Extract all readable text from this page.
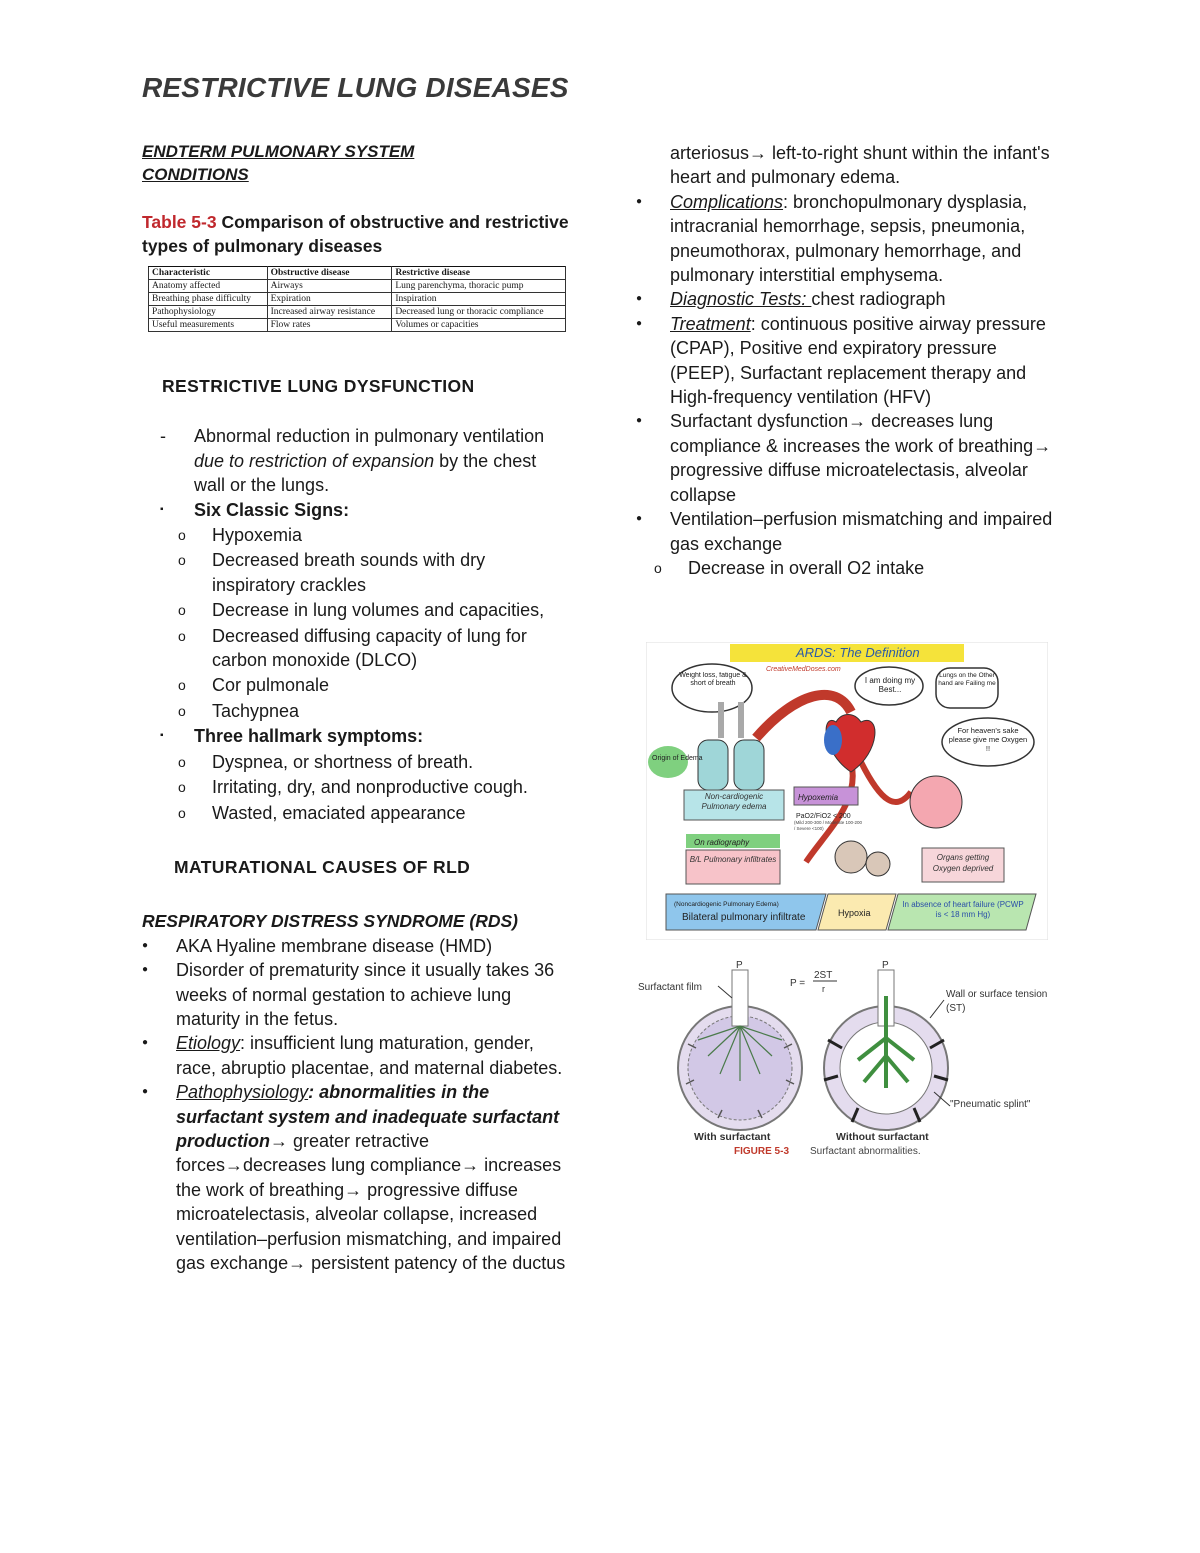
RESTRICTIVE LUNG DISEASES
ENDTERM PULMONARY SYSTEM
CONDITIONS
Table 5-3 Comparison of obstructive and restrictive types of pulmonary diseases
Characteristic	Obstructive disease	Restrictive disease
Anatomy affected	Airways	Lung parenchyma, thoracic pump
Breathing phase difficulty	Expiration	Inspiration
Pathophysiology	Increased airway resistance	Decreased lung or thoracic compliance
Useful measurements	Flow rates	Volumes or capacities
RESTRICTIVE LUNG DYSFUNCTION
- Abnormal reduction in pulmonary ventilation due to restriction of expansion by the chest wall or the lungs.
▪ Six Classic Signs:
o Hypoxemia
o Decreased breath sounds with dry inspiratory crackles
o Decrease in lung volumes and capacities,
o Decreased diffusing capacity of lung for carbon monoxide (DLCO)
o Cor pulmonale
o Tachypnea
▪ Three hallmark symptoms:
o Dyspnea, or shortness of breath.
o Irritating, dry, and nonproductive cough.
o Wasted, emaciated appearance
MATURATIONAL CAUSES OF RLD
RESPIRATORY DISTRESS SYNDROME (RDS)
● AKA Hyaline membrane disease (HMD)
● Disorder of prematurity since it usually takes 36 weeks of normal gestation to achieve lung maturity in the fetus.
● Etiology: insufficient lung maturation, gender, race, abruptio placentae, and maternal diabetes.
● Pathophysiology: abnormalities in the surfactant system and inadequate surfactant production→ greater retractive forces→decreases lung compliance→ increases the work of breathing→ progressive diffuse microatelectasis, alveolar collapse, increased ventilation–perfusion mismatching, and impaired gas exchange→ persistent patency of the ductus
arteriosus→ left-to-right shunt within the infant's heart and pulmonary edema.
● Complications: bronchopulmonary dysplasia, intracranial hemorrhage, sepsis, pneumonia, pneumothorax, pulmonary hemorrhage, and pulmonary interstitial emphysema.
● Diagnostic Tests: chest radiograph
● Treatment: continuous positive airway pressure (CPAP), Positive end expiratory pressure (PEEP), Surfactant replacement therapy and High-frequency ventilation (HFV)
● Surfactant dysfunction→ decreases lung compliance & increases the work of breathing→ progressive diffuse microatelectasis, alveolar collapse
● Ventilation–perfusion mismatching and impaired gas exchange
o Decrease in overall O2 intake
ARDS: The Definition
CreativeMedDoses.com
Weight loss, fatigue & short of breath	I am doing my Best...
Lungs on the Other hand are Failing me
For heaven's sake please give me Oxygen !!
Origin of Edema
Non-cardiogenic Pulmonary edema
Hypoxemia
PaO2/FiO2 < 200
(Mild 200-300 / Moderate 100-200 / Severe <100)
On radiography
B/L Pulmonary infiltrates	Organs getting Oxygen deprived
(Noncardiogenic Pulmonary Edema)
Bilateral pulmonary infiltrate	Hypoxia
In absence of heart failure (PCWP is < 18 mm Hg)
P
Surfactant film	P =
2ST
r
P
Wall or surface tension (ST)
"Pneumatic splint"
With surfactant	Without surfactant
FIGURE 5-3 Surfactant abnormalities.
